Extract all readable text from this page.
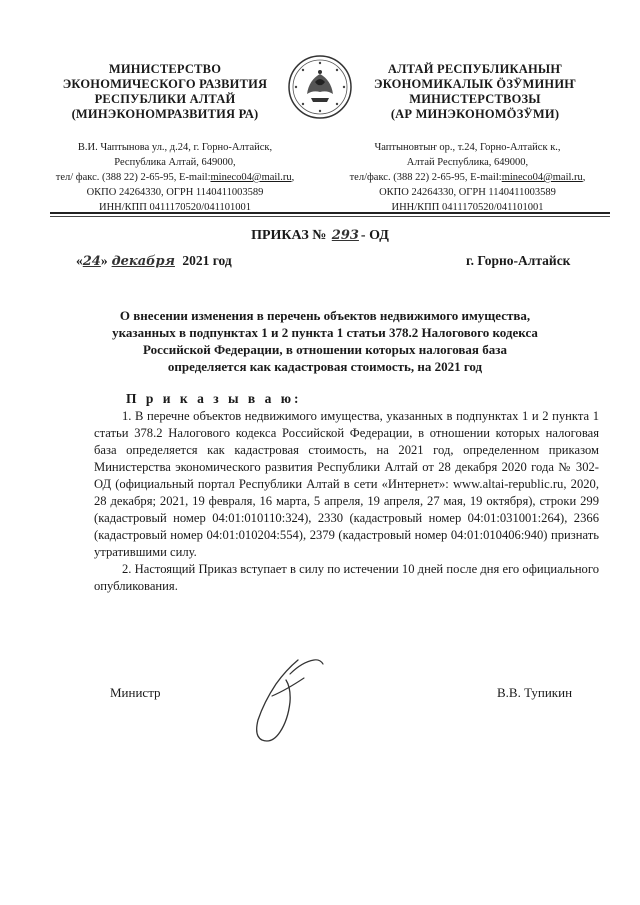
МИНИСТЕРСТВО
ЭКОНОМИЧЕСКОГО РАЗВИТИЯ
РЕСПУБЛИКИ АЛТАЙ
(МИНЭКОНОМРАЗВИТИЯ РА)
АЛТАЙ РЕСПУБЛИКАНЫҤ
ЭКОНОМИКАЛЫК ӦЗӰМИНИҤ
МИНИСТЕРСТВОЗЫ
(АР МИНЭКОНОМӦЗӰМИ)
В.И. Чаптынова ул., д.24, г. Горно-Алтайск,
Республика Алтай, 649000,
тел/ факс. (388 22) 2-65-95, E-mail:mineco04@mail.ru,
ОКПО 24264330, ОГРН 1140411003589
ИНН/КПП 0411170520/041101001
Чаптыновтыҥ ор., т.24, Горно-Алтайск к.,
Алтай Республика, 649000,
тел/факс. (388 22) 2-65-95, E-mail:mineco04@mail.ru,
ОКПО 24264330, ОГРН 1140411003589
ИНН/КПП 0411170520/041101001
ПРИКАЗ № 293 - ОД
«24» декабря 2021 год	г. Горно-Алтайск
О внесении изменения в перечень объектов недвижимого имущества,
указанных в подпунктах 1 и 2 пункта 1 статьи 378.2 Налогового кодекса
Российской Федерации, в отношении которых налоговая база
определяется как кадастровая стоимость, на 2021 год
П р и к а з ы в а ю:

1. В перечне объектов недвижимого имущества, указанных в подпунктах 1 и 2 пункта 1 статьи 378.2 Налогового кодекса Российской Федерации, в отношении которых налоговая база определяется как кадастровая стоимость, на 2021 год, определенном приказом Министерства экономического развития Республики Алтай от 28 декабря 2020 года № 302-ОД (официальный портал Республики Алтай в сети «Интернет»: www.altai-republic.ru, 2020, 28 декабря; 2021, 19 февраля, 16 марта, 5 апреля, 19 апреля, 27 мая, 19 октября), строки 299 (кадастровый номер 04:01:010110:324), 2330 (кадастровый номер 04:01:031001:264), 2366 (кадастровый номер 04:01:010204:554), 2379 (кадастровый номер 04:01:010406:940) признать утратившими силу.

2. Настоящий Приказ вступает в силу по истечении 10 дней после дня его официального опубликования.

Министр	В.В. Тупикин
